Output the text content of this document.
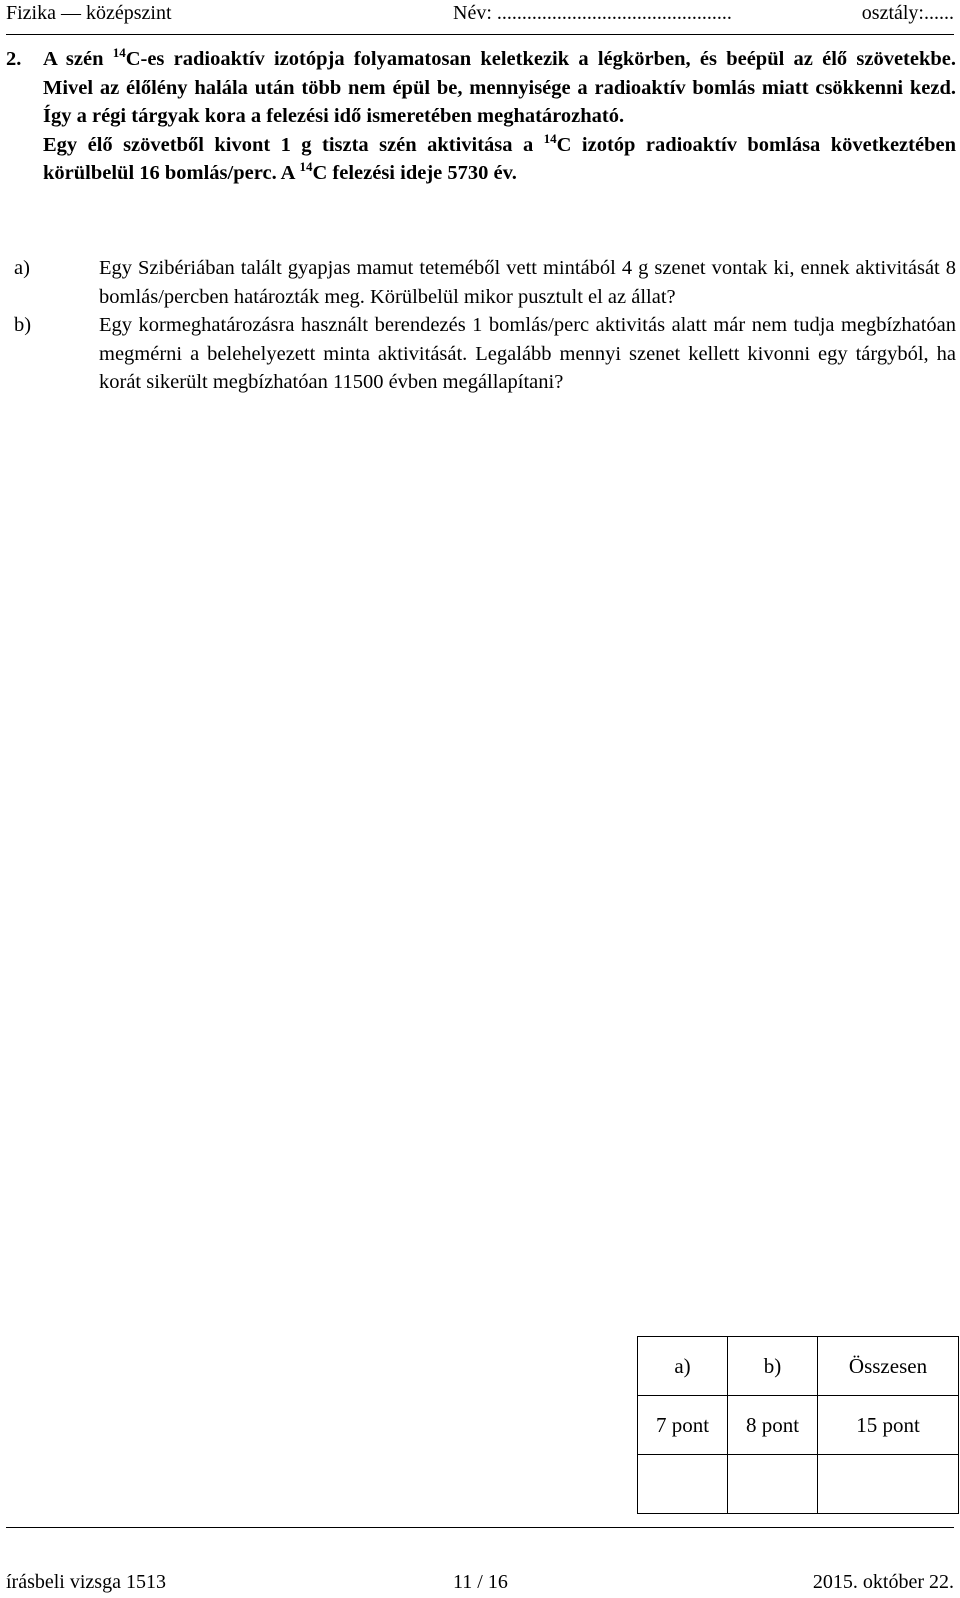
Fizika — középszint	Név: ...............................................	osztály:......
2. A szén $^{14}$C-es radioaktív izotópja folyamatosan keletkezik a légkörben, és beépül az élő szövetekbe. Mivel az élőlény halála után több nem épül be, mennyisége a radioaktív bomlás miatt csökkenni kezd. Így a régi tárgyak kora a felezési idő ismeretében meghatározható.

Egy élő szövetből kivont 1 g tiszta szén aktivitása a $^{14}$C izotóp radioaktív bomlása következtében körülbelül 16 bomlás/perc. A $^{14}$C felezési ideje 5730 év.

a)	Egy Szibériában talált gyapjas mamut teteméből vett mintából 4 g szenet vontak ki, ennek aktivitását 8 bomlás/percben határozták meg. Körülbelül mikor pusztult el az állat?
b)	Egy kormeghatározásra használt berendezés 1 bomlás/perc aktivitás alatt már nem tudja megbízhatóan megmérni a belehelyezett minta aktivitását. Legalább mennyi szenet kellett kivonni egy tárgyból, ha korát sikerült megbízhatóan 11500 évben megállapítani?
a)	b)	Összesen
7 pont	8 pont	15 pont

írásbeli vizsga 1513	11 / 16	2015. október 22.
